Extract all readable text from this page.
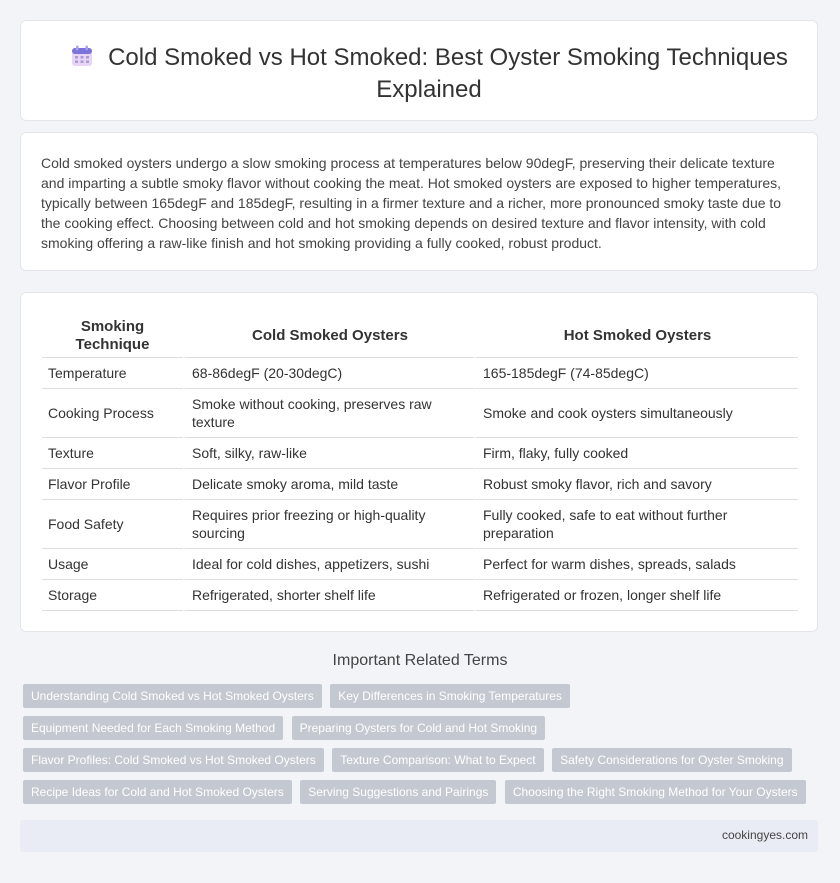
Cold Smoked vs Hot Smoked: Best Oyster Smoking Techniques Explained

Cold smoked oysters undergo a slow smoking process at temperatures below 90degF, preserving their delicate texture and imparting a subtle smoky flavor without cooking the meat. Hot smoked oysters are exposed to higher temperatures, typically between 165degF and 185degF, resulting in a firmer texture and a richer, more pronounced smoky taste due to the cooking effect. Choosing between cold and hot smoking depends on desired texture and flavor intensity, with cold smoking offering a raw-like finish and hot smoking providing a fully cooked, robust product.

Smoking Technique	Cold Smoked Oysters	Hot Smoked Oysters
Temperature	68-86degF (20-30degC)	165-185degF (74-85degC)
Cooking Process	Smoke without cooking, preserves raw texture	Smoke and cook oysters simultaneously
Texture	Soft, silky, raw-like	Firm, flaky, fully cooked
Flavor Profile	Delicate smoky aroma, mild taste	Robust smoky flavor, rich and savory
Food Safety	Requires prior freezing or high-quality sourcing	Fully cooked, safe to eat without further preparation
Usage	Ideal for cold dishes, appetizers, sushi	Perfect for warm dishes, spreads, salads
Storage	Refrigerated, shorter shelf life	Refrigerated or frozen, longer shelf life
Important Related Terms
Understanding Cold Smoked vs Hot Smoked Oysters Key Differences in Smoking Temperatures
Equipment Needed for Each Smoking Method Preparing Oysters for Cold and Hot Smoking
Flavor Profiles: Cold Smoked vs Hot Smoked Oysters Texture Comparison: What to Expect Safety Considerations for Oyster Smoking
Recipe Ideas for Cold and Hot Smoked Oysters Serving Suggestions and Pairings Choosing the Right Smoking Method for Your Oysters
cookingyes.com
